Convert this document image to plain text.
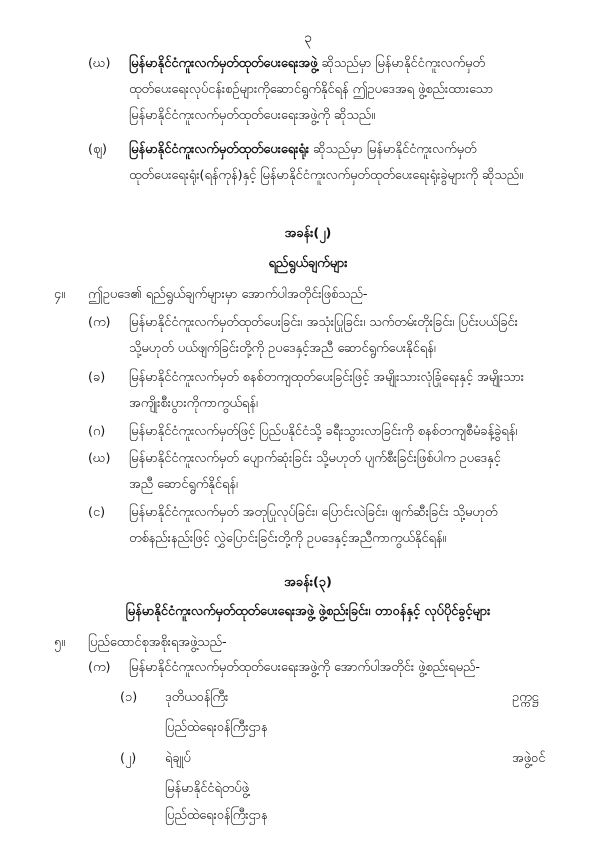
၃
(ဃ) မြန်မာနိုင်ငံကူးလက်မှတ်ထုတ်ပေးရေးအဖွဲ့ ဆိုသည်မှာ မြန်မာနိုင်ငံကူးလက်မှတ်
ထုတ်ပေးရေးလုပ်ငန်းစဉ်များကိုဆောင်ရွက်နိုင်ရန် ဤဥပဒေအရ ဖွဲ့စည်းထားသော
မြန်မာနိုင်ငံကူးလက်မှတ်ထုတ်ပေးရေးအဖွဲ့ကို ဆိုသည်။
(ဈ) မြန်မာနိုင်ငံကူးလက်မှတ်ထုတ်ပေးရေးရုံး ဆိုသည်မှာ မြန်မာနိုင်ငံကူးလက်မှတ်
ထုတ်ပေးရေးရုံး(ရန်ကုန်)နှင့် မြန်မာနိုင်ငံကူးလက်မှတ်ထုတ်ပေးရေးရုံးခွဲများကို ဆိုသည်။
အခန်း(၂)
ရည်ရွယ်ချက်များ
၄။ ဤဥပဒေ၏ ရည်ရွယ်ချက်များမှာ အောက်ပါအတိုင်းဖြစ်သည်-
(က) မြန်မာနိုင်ငံကူးလက်မှတ်ထုတ်ပေးခြင်း၊ အသုံးပြုခြင်း၊ သက်တမ်းတိုးခြင်း၊ ပြင်းပယ်ခြင်း
သို့မဟုတ် ပယ်ဖျက်ခြင်းတို့ကို ဥပဒေနှင့်အညီ ဆောင်ရွက်ပေးနိုင်ရန်၊
(ခ) မြန်မာနိုင်ငံကူးလက်မှတ် စနစ်တကျထုတ်ပေးခြင်းဖြင့် အမျိုးသားလုံခြုံရေးနှင့် အမျိုးသား
အကျိုးစီးပွားကိုကာကွယ်ရန်၊
(ဂ) မြန်မာနိုင်ငံကူးလက်မှတ်ဖြင့် ပြည်ပနိုင်ငံသို့ ခရီးသွားလာခြင်းကို စနစ်တကျစီမံခန့်ခွဲရန်၊
(ဃ) မြန်မာနိုင်ငံကူးလက်မှတ် ပျောက်ဆုံးခြင်း သို့မဟုတ် ပျက်စီးခြင်းဖြစ်ပါက ဥပဒေနှင့်
အညီ ဆောင်ရွက်နိုင်ရန်၊
(င) မြန်မာနိုင်ငံကူးလက်မှတ် အတုပြုလုပ်ခြင်း၊ ပြောင်းလဲခြင်း၊ ဖျက်ဆီးခြင်း သို့မဟုတ်
တစ်နည်းနည်းဖြင့် လွှဲပြောင်းခြင်းတို့ကို ဥပဒေနှင့်အညီကာကွယ်နိုင်ရန်။
အခန်း(၃)
မြန်မာနိုင်ငံကူးလက်မှတ်ထုတ်ပေးရေးအဖွဲ့ ဖွဲ့စည်းခြင်း၊ တာဝန်နှင့် လုပ်ပိုင်ခွင့်များ
၅။ ပြည်ထောင်စုအစိုးရအဖွဲ့သည်-
(က) မြန်မာနိုင်ငံကူးလက်မှတ်ထုတ်ပေးရေးအဖွဲ့ကို အောက်ပါအတိုင်း ဖွဲ့စည်းရမည်-
(၁) ဒုတိယဝန်ကြီး	ဥက္ကဋ္ဌ
ပြည်ထဲရေးဝန်ကြီးဌာန
(၂) ရဲချုပ်	အဖွဲ့ဝင်
မြန်မာနိုင်ငံရဲတပ်ဖွဲ့
ပြည်ထဲရေးဝန်ကြီးဌာန
